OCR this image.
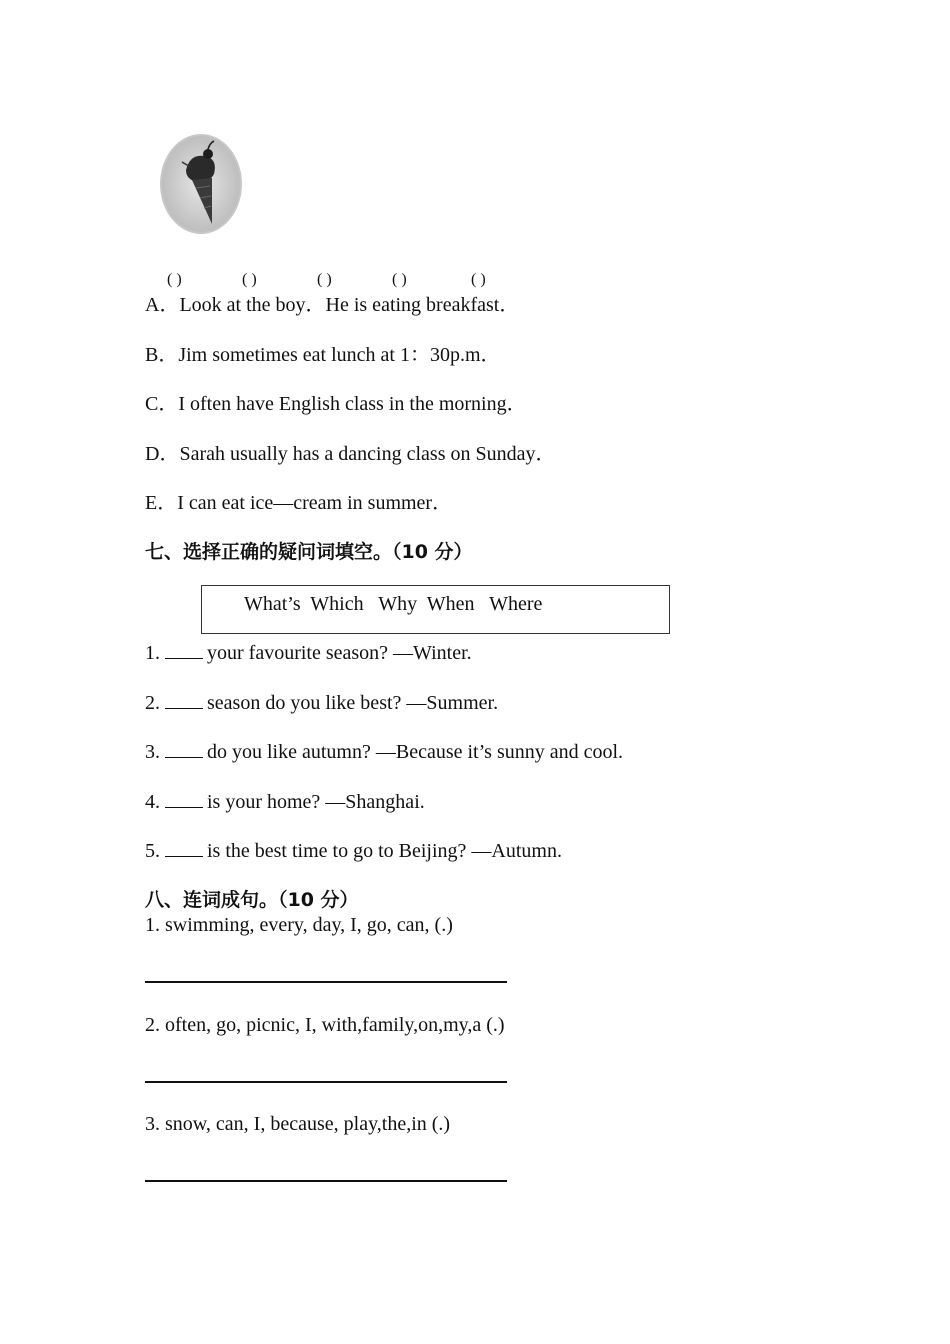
( )	( )	( )	( )	( )
A．Look at the boy．He is eating breakfast．
B．Jim sometimes eat lunch at 1：30p.m．
C．I often have English class in the morning．
D．Sarah usually has a dancing class on Sunday．
E．I can eat ice—cream in summer．
七、选择正确的疑问词填空。（10 分）
What’s  Which   Why  When   Where
1. your favourite season? —Winter.
2. season do you like best? —Summer.
3. do you like autumn? —Because it’s sunny and cool.
4. is your home? —Shanghai.
5. is the best time to go to Beijing? —Autumn.
八、连词成句。（10 分）
1. swimming, every, day, I, go, can, (.)
2. often, go, picnic, I, with,family,on,my,a (.)
3. snow, can, I, because, play,the,in (.)
